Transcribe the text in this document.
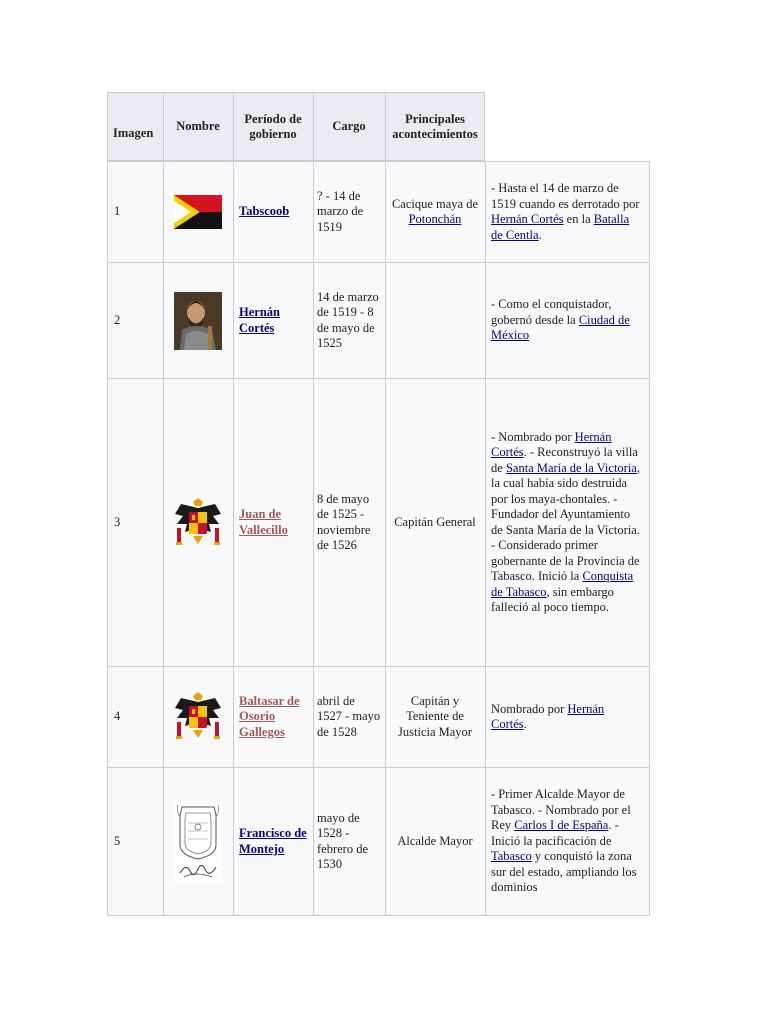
Imagen	Nombre
Período de gobierno
Cargo
Principales acontecimientos
1	Tabscoob
? - 14 de marzo de 1519
Cacique maya de Potonchán
- Hasta el 14 de marzo de 1519 cuando es derrotado por Hernán Cortés en la Batalla de Centla.
2
Hernán Cortés
14 de marzo de 1519 - 8 de mayo de 1525
- Como el conquistador, gobernó desde la Ciudad de México
3
Juan de Vallecillo
8 de mayo de 1525 - noviembre de 1526
Capitán General
- Nombrado por Hernán Cortés. - Reconstruyó la villa de Santa María de la Victoria, la cual había sido destruida por los maya-chontales. -Fundador del Ayuntamiento de Santa María de la Victoria. - Considerado primer gobernante de la Provincia de Tabasco. Inició la Conquista de Tabasco, sin embargo falleció al poco tiempo.
4
Baltasar de Osorio Gallegos
abril de 1527 - mayo de 1528
Capitán y Teniente de Justicia Mayor
Nombrado por Hernán Cortés.
5
Francisco de Montejo
mayo de 1528 - febrero de 1530
Alcalde Mayor
- Primer Alcalde Mayor de Tabasco. - Nombrado por el Rey Carlos I de España. - Inició la pacificación de Tabasco y conquistó la zona sur del estado, ampliando los dominios
